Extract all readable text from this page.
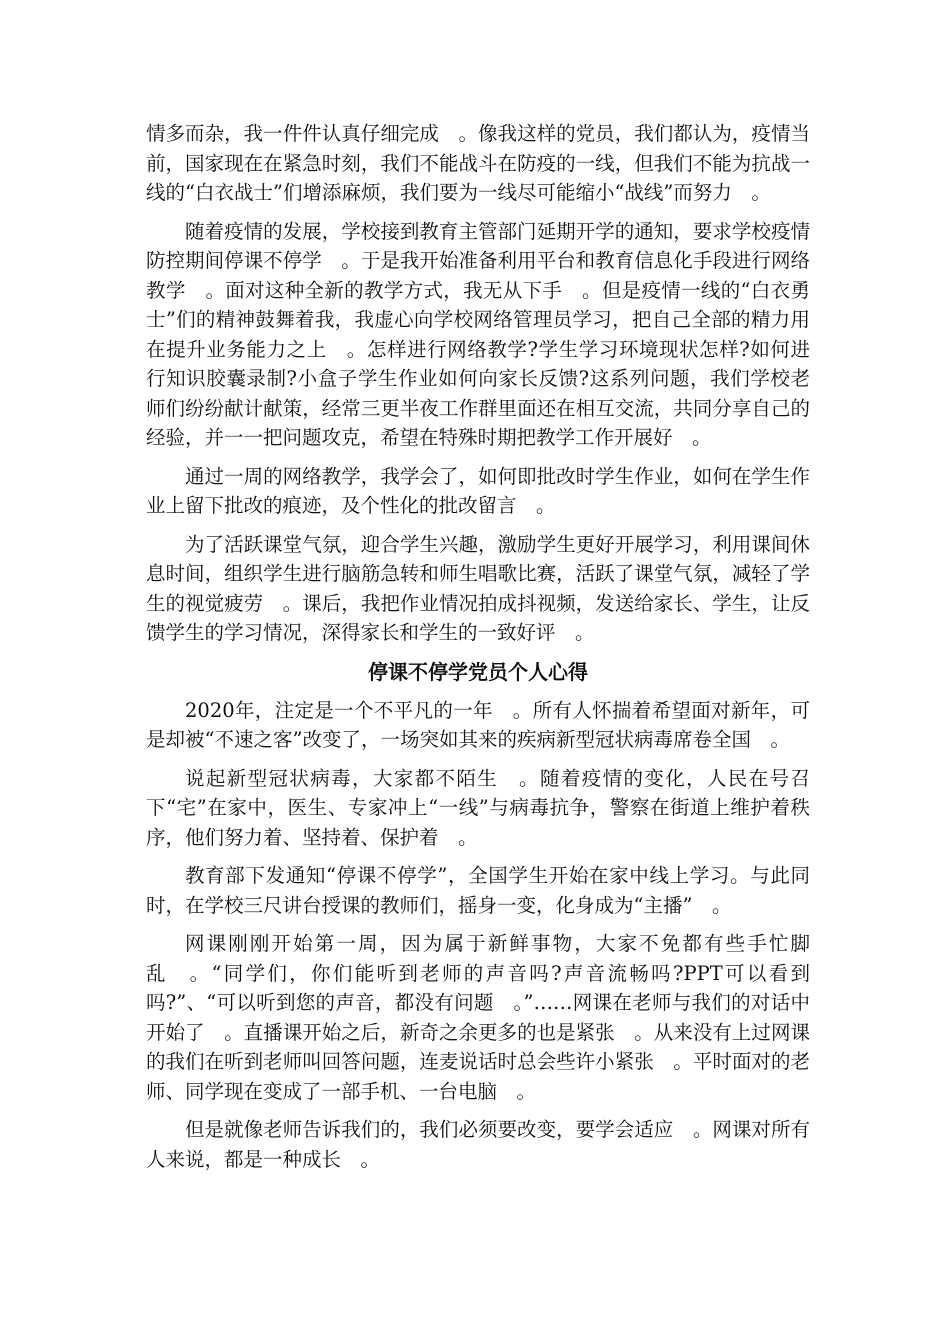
情多而杂，我一件件认真仔细完成　。像我这样的党员，我们都认为，疫情当前，国家现在在紧急时刻，我们不能战斗在防疫的一线，但我们不能为抗战一线的“白衣战士”们增添麻烦，我们要为一线尽可能缩小“战线”而努力　。

随着疫情的发展，学校接到教育主管部门延期开学的通知，要求学校疫情防控期间停课不停学　。于是我开始准备利用平台和教育信息化手段进行网络教学　。面对这种全新的教学方式，我无从下手　。但是疫情一线的“白衣勇士”们的精神鼓舞着我，我虚心向学校网络管理员学习，把自己全部的精力用在提升业务能力之上　。怎样进行网络教学?学生学习环境现状怎样?如何进行知识胶囊录制?小盒子学生作业如何向家长反馈?这系列问题，我们学校老师们纷纷献计献策，经常三更半夜工作群里面还在相互交流，共同分享自己的经验，并一一把问题攻克，希望在特殊时期把教学工作开展好　。

通过一周的网络教学，我学会了，如何即批改时学生作业，如何在学生作业上留下批改的痕迹，及个性化的批改留言　。

为了活跃课堂气氛，迎合学生兴趣，激励学生更好开展学习，利用课间休息时间，组织学生进行脑筋急转和师生唱歌比赛，活跃了课堂气氛，减轻了学生的视觉疲劳　。课后，我把作业情况拍成抖视频，发送给家长、学生，让反馈学生的学习情况，深得家长和学生的一致好评　。

停课不停学党员个人心得

2020年，注定是一个不平凡的一年　。所有人怀揣着希望面对新年，可是却被“不速之客”改变了，一场突如其来的疾病新型冠状病毒席卷全国　。

说起新型冠状病毒，大家都不陌生　。随着疫情的变化，人民在号召下“宅”在家中，医生、专家冲上“一线”与病毒抗争，警察在街道上维护着秩序，他们努力着、坚持着、保护着　。

教育部下发通知“停课不停学”，全国学生开始在家中线上学习。与此同时，在学校三尺讲台授课的教师们，摇身一变，化身成为“主播”　。

网课刚刚开始第一周，因为属于新鲜事物，大家不免都有些手忙脚乱　。“同学们，你们能听到老师的声音吗?声音流畅吗?PPT可以看到吗?”、“可以听到您的声音，都没有问题　。”……网课在老师与我们的对话中开始了　。直播课开始之后，新奇之余更多的也是紧张　。从来没有上过网课的我们在听到老师叫回答问题，连麦说话时总会些许小紧张　。平时面对的老师、同学现在变成了一部手机、一台电脑　。

但是就像老师告诉我们的，我们必须要改变，要学会适应　。网课对所有人来说，都是一种成长　。
